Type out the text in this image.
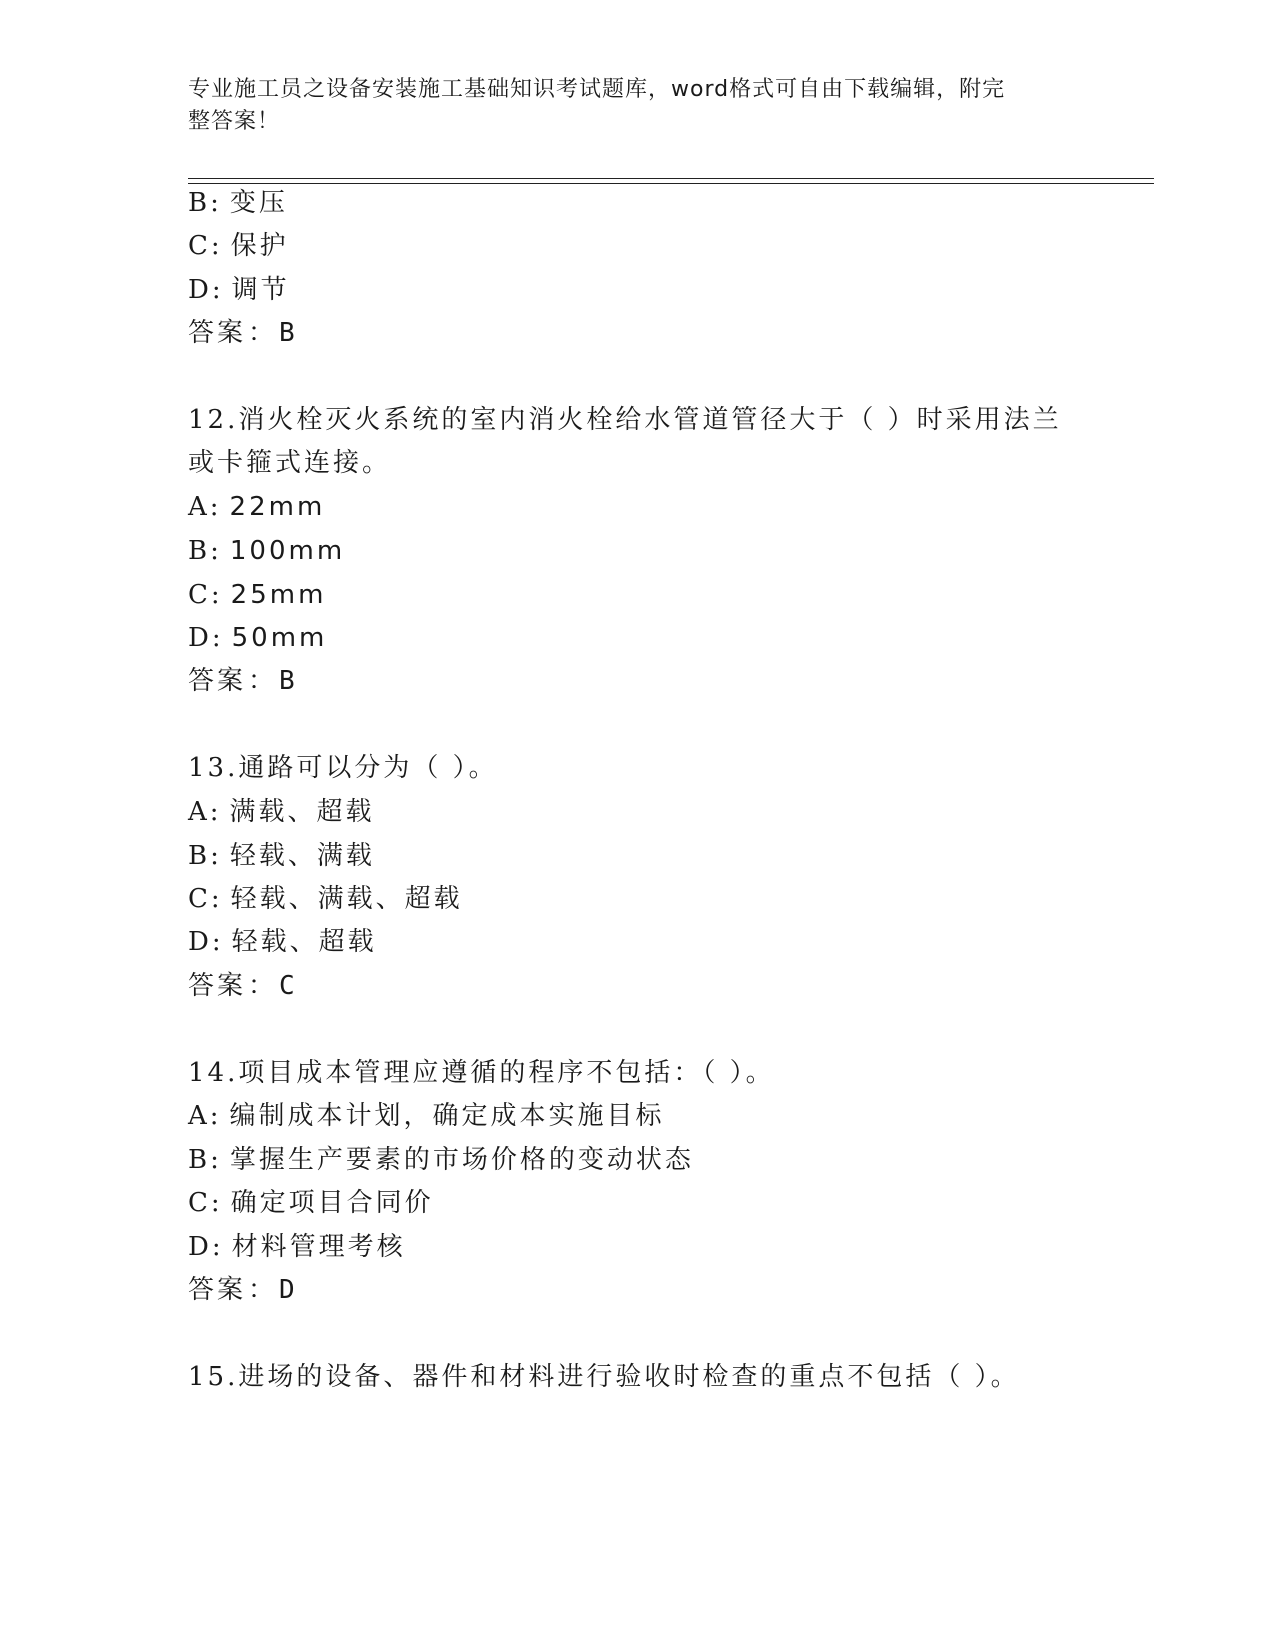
专业施工员之设备安装施工基础知识考试题库，word格式可自由下载编辑，附完
整答案！
B: 变压
C: 保护
D: 调节
答案：B
12.消火栓灭火系统的室内消火栓给水管道管径大于（ ）时采用法兰
或卡箍式连接。
A: 22mm
B: 100mm
C: 25mm
D: 50mm
答案：B
13.通路可以分为（ ）。
A: 满载、超载
B: 轻载、满载
C: 轻载、满载、超载
D: 轻载、超载
答案：C
14.项目成本管理应遵循的程序不包括：（ ）。
A: 编制成本计划，确定成本实施目标
B: 掌握生产要素的市场价格的变动状态
C: 确定项目合同价
D: 材料管理考核
答案：D
15.进场的设备、器件和材料进行验收时检查的重点不包括（ ）。
